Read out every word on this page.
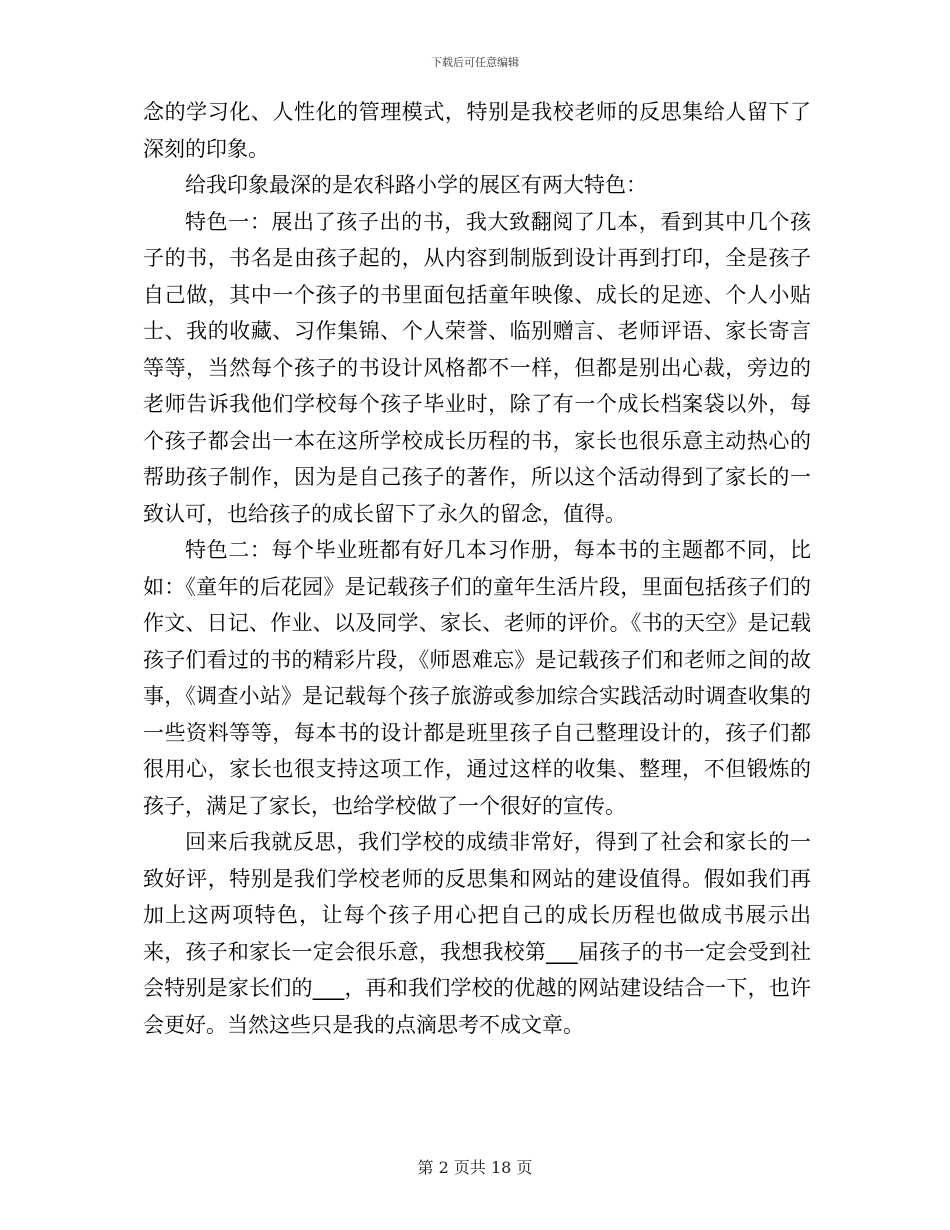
下载后可任意编辑

念的学习化、人性化的管理模式，特别是我校老师的反思集给人留下了深刻的印象。

给我印象最深的是农科路小学的展区有两大特色：

特色一：展出了孩子出的书，我大致翻阅了几本，看到其中几个孩子的书，书名是由孩子起的，从内容到制版到设计再到打印，全是孩子自己做，其中一个孩子的书里面包括童年映像、成长的足迹、个人小贴士、我的收藏、习作集锦、个人荣誉、临别赠言、老师评语、家长寄言等等，当然每个孩子的书设计风格都不一样，但都是别出心裁，旁边的老师告诉我他们学校每个孩子毕业时，除了有一个成长档案袋以外，每个孩子都会出一本在这所学校成长历程的书，家长也很乐意主动热心的帮助孩子制作，因为是自己孩子的著作，所以这个活动得到了家长的一致认可，也给孩子的成长留下了永久的留念，值得。

特色二：每个毕业班都有好几本习作册，每本书的主题都不同，比如：《童年的后花园》是记载孩子们的童年生活片段，里面包括孩子们的作文、日记、作业、以及同学、家长、老师的评价。《书的天空》是记载孩子们看过的书的精彩片段，《师恩难忘》是记载孩子们和老师之间的故事，《调查小站》是记载每个孩子旅游或参加综合实践活动时调查收集的一些资料等等，每本书的设计都是班里孩子自己整理设计的，孩子们都很用心，家长也很支持这项工作，通过这样的收集、整理，不但锻炼的孩子，满足了家长，也给学校做了一个很好的宣传。

回来后我就反思，我们学校的成绩非常好，得到了社会和家长的一致好评，特别是我们学校老师的反思集和网站的建设值得。假如我们再加上这两项特色，让每个孩子用心把自己的成长历程也做成书展示出来，孩子和家长一定会很乐意，我想我校第___届孩子的书一定会受到社会特别是家长们的___，再和我们学校的优越的网站建设结合一下，也许会更好。当然这些只是我的点滴思考不成文章。

第 2 页共 18 页
